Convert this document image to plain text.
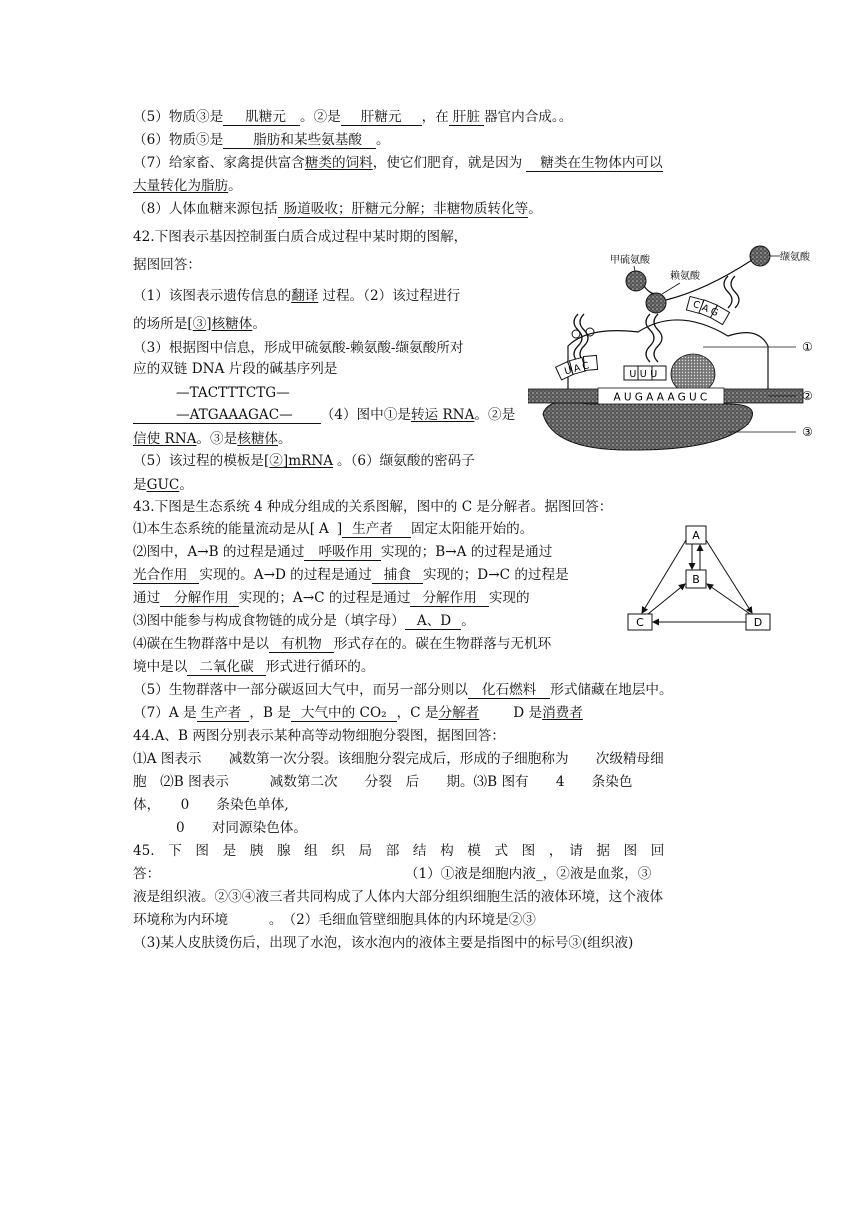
（5）物质③是 肌糖元 。②是 肝糖元 ，在 肝脏 器官内合成。。
（6）物质⑤是 脂肪和某些氨基酸 。
（7）给家畜、家禽提供富含糖类的饲料，使它们肥育，就是因为 糖类在生物体内可以
大量转化为脂肪。
（8）人体血糖来源包括 肠道吸收；肝糖元分解；非糖物质转化等。
42.下图表示基因控制蛋白质合成过程中某时期的图解，
据图回答：
（1）该图表示遗传信息的翻译 过程。（2）该过程进行
的场所是[③]核糖体。
（3）根据图中信息，形成甲硫氨酸-赖氨酸-缬氨酸所对
应的双链 DNA 片段的碱基序列是
—TACTTTCTG—
—ATGAAAGAC— （4）图中①是转运 RNA。②是
信使 RNA。③是核糖体。
（5）该过程的模板是[②]mRNA 。（6）缬氨酸的密码子
是GUC。
AUGAAAGUC
①
②
③
UAC	UUU
CAG
甲硫氨酸
赖氨酸
缬氨酸
43.下图是生态系统 4 种成分组成的关系图解，图中的 C 是分解者。据图回答：
⑴本生态系统的能量流动是从[ A ] 生产者 固定太阳能开始的。
⑵图中，A→B 的过程是通过 呼吸作用 实现的；B→A 的过程是通过
光合作用 实现的。A→D 的过程是通过 捕食 实现的；D→C 的过程是
通过 分解作用 实现的；A→C 的过程是通过 分解作用 实现的
⑶图中能参与构成食物链的成分是（填字母） A、D 。
⑷碳在生物群落中是以 有机物 形式存在的。碳在生物群落与无机环
境中是以 二氧化碳 形式进行循环的。
（5）生物群落中一部分碳返回大气中，而另一部分则以 化石燃料 形式储藏在地层中。
（7）A 是 生产者 ，B 是 大气中的 CO₂ ，C 是分解者	D 是消费者
A
B
C	D
44.A、B 两图分别表示某种高等动物细胞分裂图，据图回答：
⑴A 图表示　　减数第一次分裂。该细胞分裂完成后，形成的子细胞称为　　次级精母细
胞　⑵B 图表示　　　减数第二次　　分裂　后　　期。⑶B 图有　　4　　条染色
体，　　0　　条染色单体,
0　　对同源染色体。
45.　下　图　是　胰　腺　组　织　局　部　结　构　模　式　图　，　请　据　图　回
答：　　　　　　　　　　　　　　　　　　　（1）①液是细胞内液_，②液是血浆，③
液是组织液。②③④液三者共同构成了人体内大部分组织细胞生活的液体环境，这个液体
环境称为内环境　　　。　（2）毛细血管壁细胞具体的内环境是②③
（3)某人皮肤烫伤后，出现了水泡，该水泡内的液体主要是指图中的标号③(组织液)
